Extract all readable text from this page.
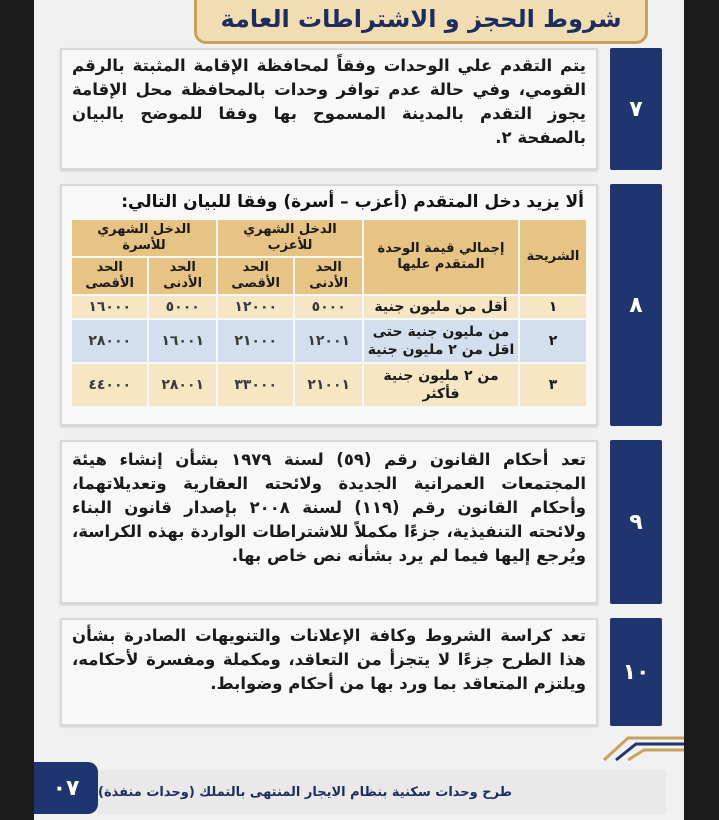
شروط الحجز و الاشتراطات العامة
يتم التقدم علي الوحدات وفقاً لمحافظة الإقامة المثبتة بالرقم القومي، وفي حالة عدم توافر وحدات بالمحافظة محل الإقامة يجوز التقدم بالمدينة المسموح بها وفقا للموضح بالبيان بالصفحة ٢.
٧
ألا يزيد دخل المتقدم (أعزب – أسرة) وفقا للبيان التالي:
الشريحة	إجمالي قيمة الوحدة المتقدم عليها	الدخل الشهري للأعزب		الدخل الشهري للأسرة	
		الحد الأدنى	الحد الأقصى	الحد الأدنى	الحد الأقصى
١	أقل من مليون جنية	٥٠٠٠	١٢٠٠٠	٥٠٠٠	١٦٠٠٠
٢	من مليون جنية حتى اقل من ٢ مليون جنية	١٢٠٠١	٢١٠٠٠	١٦٠٠١	٢٨٠٠٠
٣	من ٢ مليون جنية فأكثر	٢١٠٠١	٣٣٠٠٠	٢٨٠٠١	٤٤٠٠٠
٨
تعد أحكام القانون رقم (٥٩) لسنة ١٩٧٩ بشأن إنشاء هيئة المجتمعات العمرانية الجديدة ولائحته العقارية وتعديلاتهما، وأحكام القانون رقم (١١٩) لسنة ٢٠٠٨ بإصدار قانون البناء ولائحته التنفيذية، جزءًا مكملاً للاشتراطات الواردة بهذه الكراسة، ويُرجع إليها فيما لم يرد بشأنه نص خاص بها.
٩
تعد كراسة الشروط وكافة الإعلانات والتنويهات الصادرة بشأن هذا الطرح جزءًا لا يتجزأ من التعاقد، ومكملة ومفسرة لأحكامه، ويلتزم المتعاقد بما ورد بها من أحكام وضوابط.	١٠
طرح وحدات سكنية بنظام الايجار المنتهى بالتملك (وحدات منفذة)
٠٧
